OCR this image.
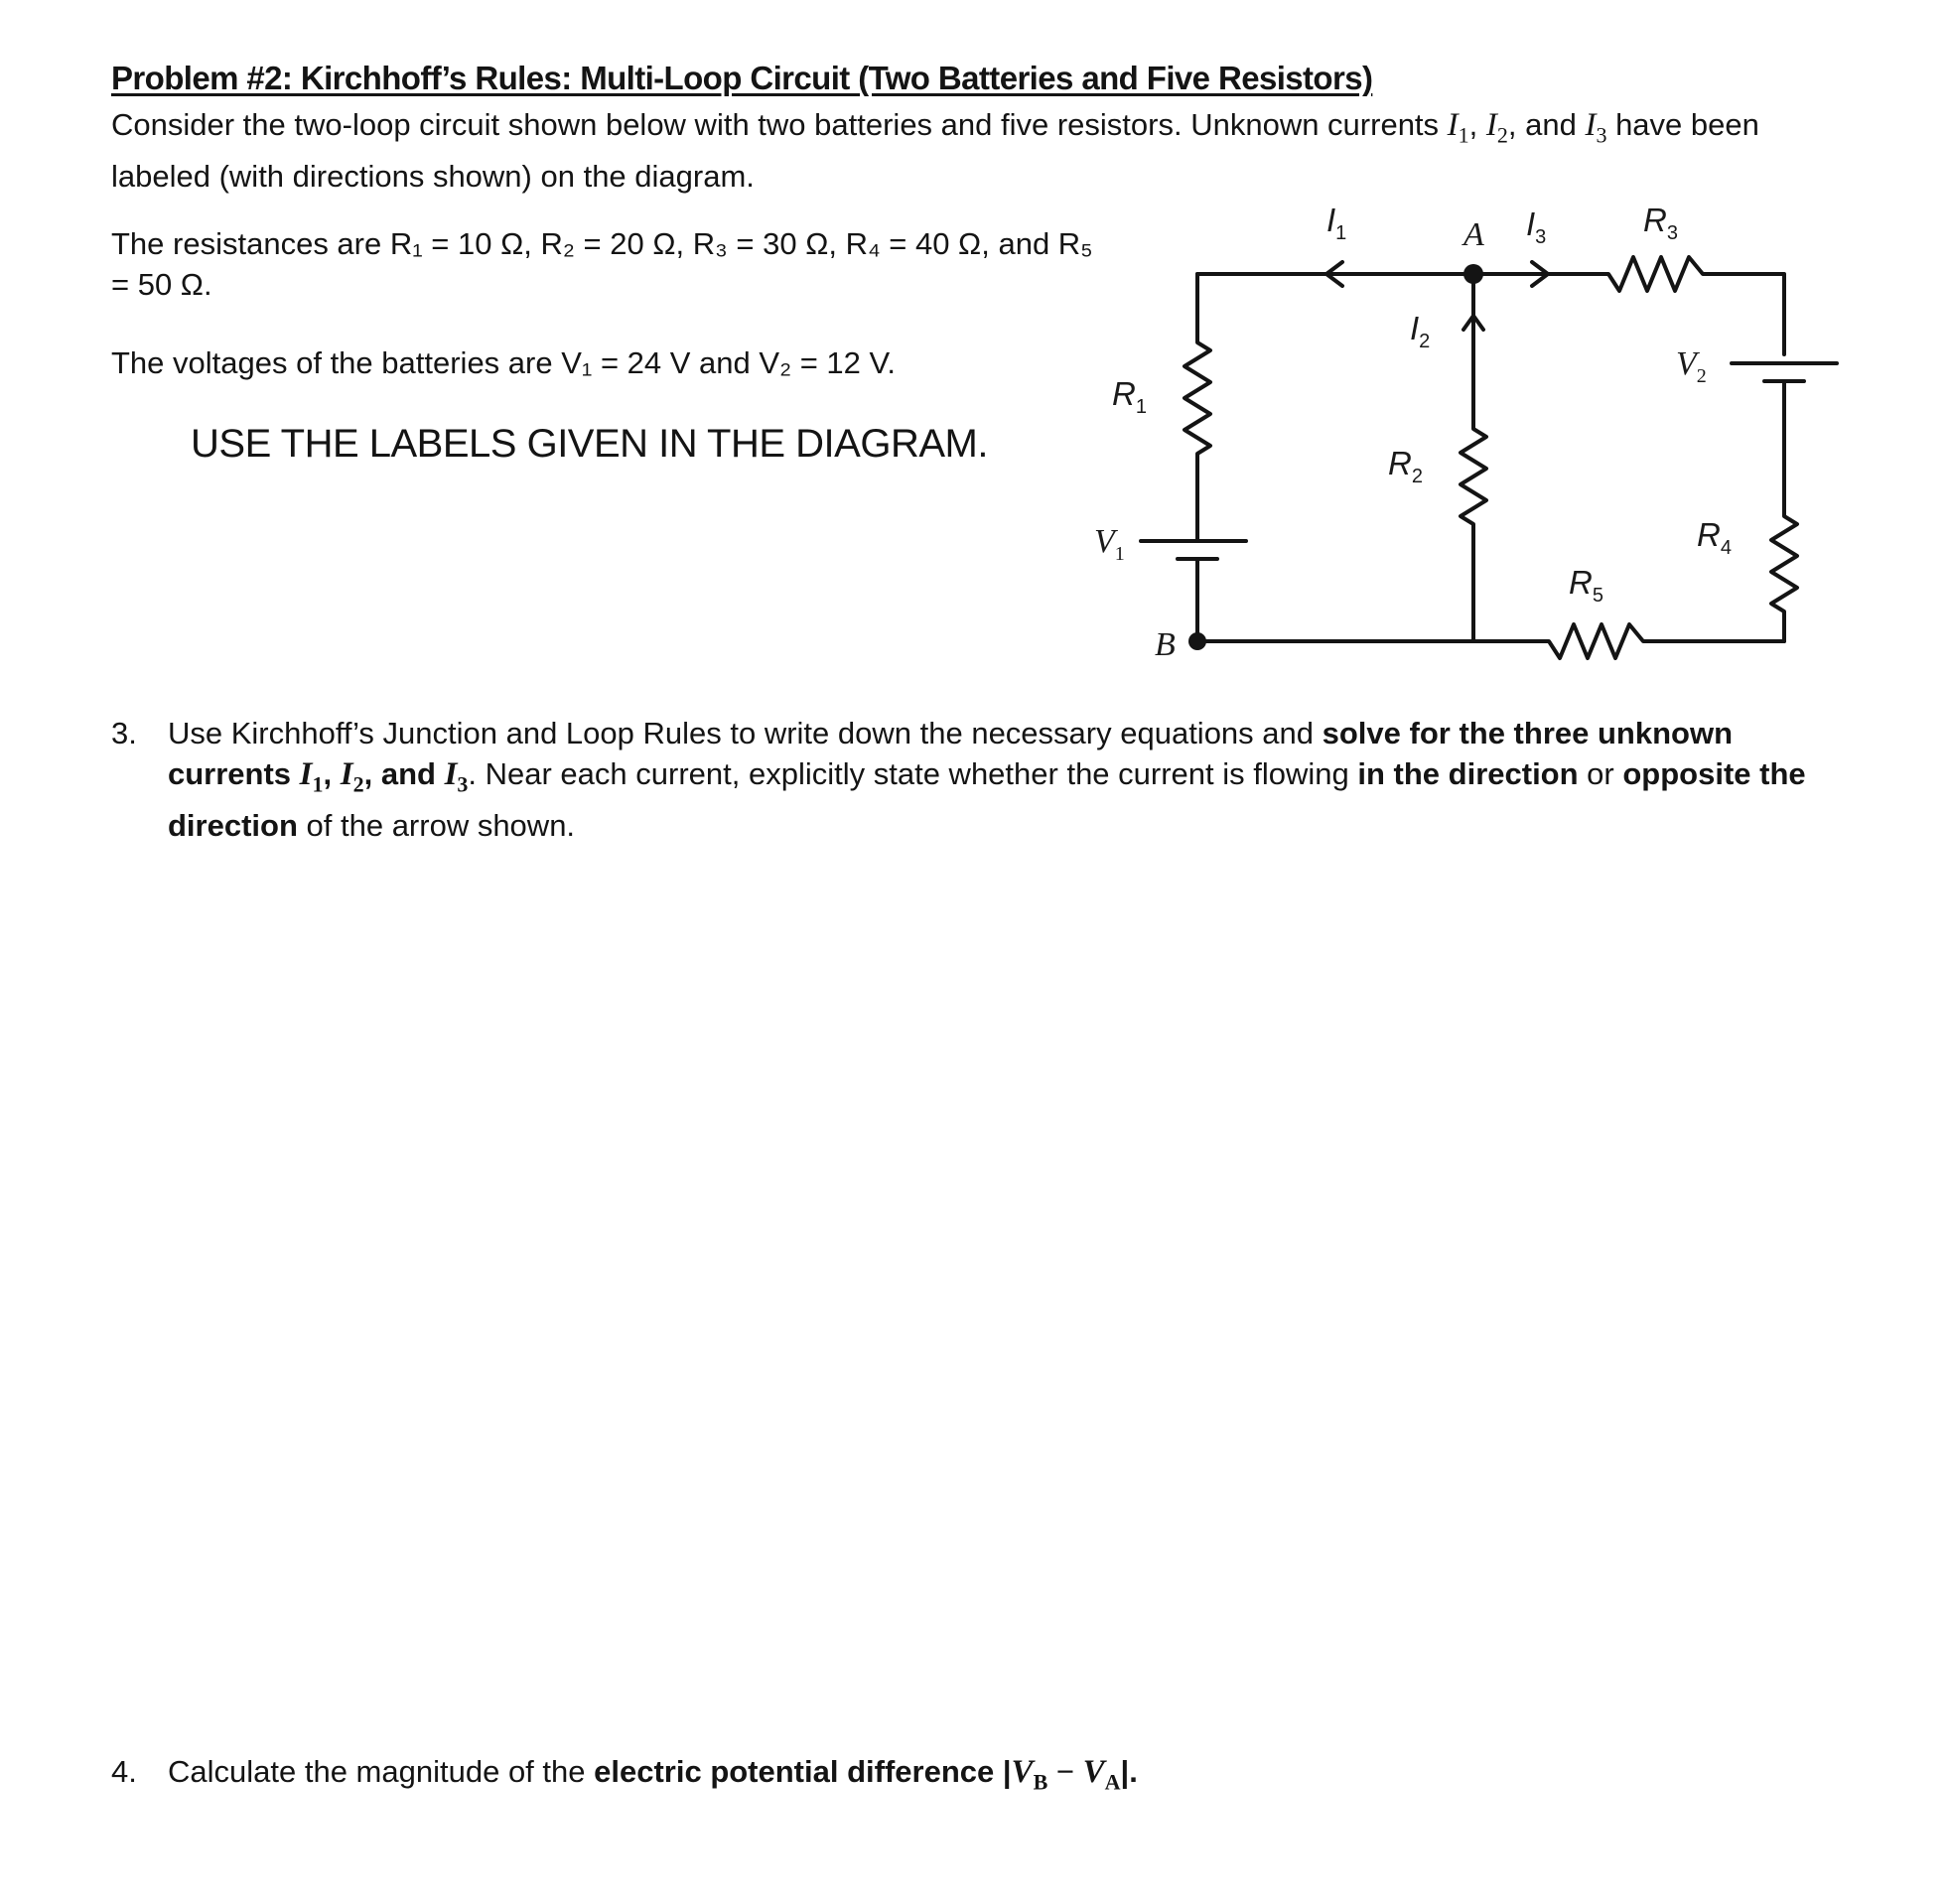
Problem #2: Kirchhoff’s Rules: Multi-Loop Circuit (Two Batteries and Five Resistors)

Consider the two-loop circuit shown below with two batteries and five resistors. Unknown currents $I_1$, $I_2$, and $I_3$ have been labeled (with directions shown) on the diagram.

The resistances are R₁ = 10 Ω, R₂ = 20 Ω, R₃ = 30 Ω, R₄ = 40 Ω, and R₅ = 50 Ω.

The voltages of the batteries are V₁ = 24 V and V₂ = 12 V.

USE THE LABELS GIVEN IN THE DIAGRAM.

$I_1$	A $I_3$	$R_3$
$I_2$
$V_2$
$R_1$
$R_2$
$V_1$
$R_4$
$R_5$
B
3. Use Kirchhoff’s Junction and Loop Rules to write down the necessary equations and solve for the three unknown currents $I_1$, $I_2$, and $I_3$. Near each current, explicitly state whether the current is flowing in the direction or opposite the direction of the arrow shown.
4. Calculate the magnitude of the electric potential difference $|V_B - V_A|$.
